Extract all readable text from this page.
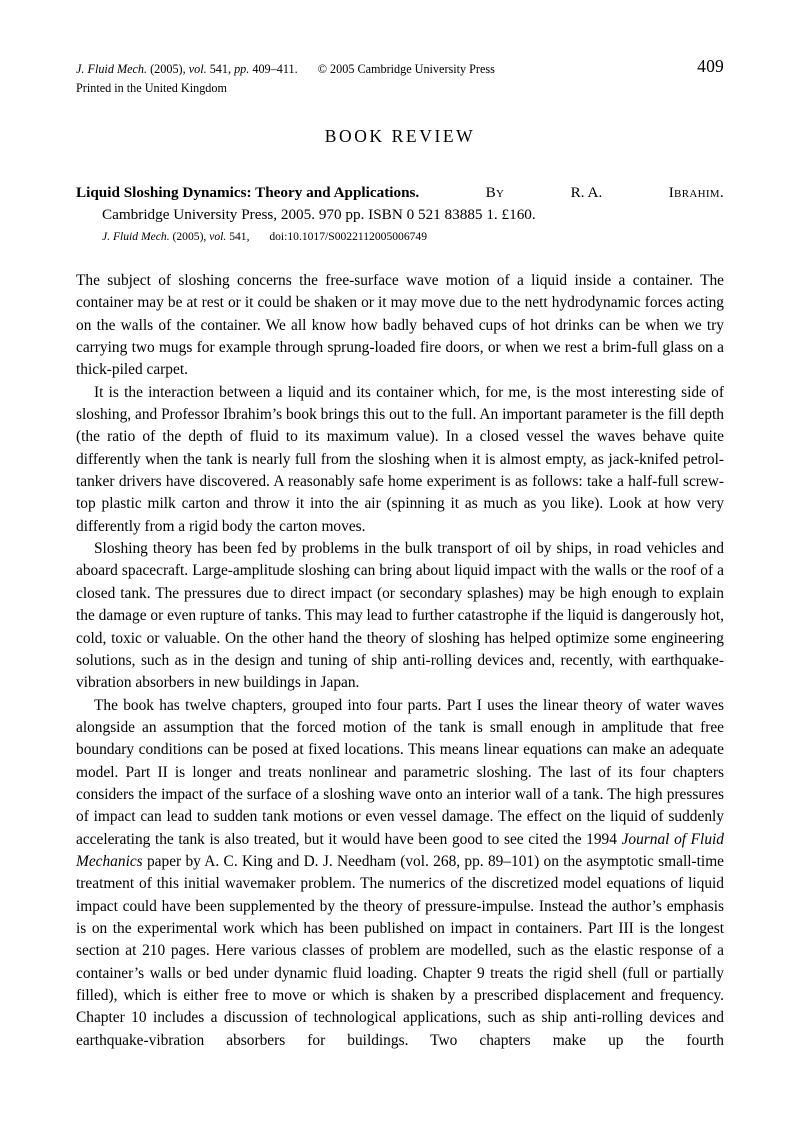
J. Fluid Mech. (2005), vol. 541, pp. 409–411. © 2005 Cambridge University Press	409
Printed in the United Kingdom
BOOK REVIEW
Liquid Sloshing Dynamics: Theory and Applications.	By	R. A.	Ibrahim.
Cambridge University Press, 2005. 970 pp. ISBN 0 521 83885 1. £160.
J. Fluid Mech. (2005), vol. 541, doi:10.1017/S0022112005006749

The subject of sloshing concerns the free-surface wave motion of a liquid inside a container. The container may be at rest or it could be shaken or it may move due to the nett hydrodynamic forces acting on the walls of the container. We all know how badly behaved cups of hot drinks can be when we try carrying two mugs for example through sprung-loaded fire doors, or when we rest a brim-full glass on a thick-piled carpet.

It is the interaction between a liquid and its container which, for me, is the most interesting side of sloshing, and Professor Ibrahim’s book brings this out to the full. An important parameter is the fill depth (the ratio of the depth of fluid to its maximum value). In a closed vessel the waves behave quite differently when the tank is nearly full from the sloshing when it is almost empty, as jack-knifed petrol-tanker drivers have discovered. A reasonably safe home experiment is as follows: take a half-full screw-top plastic milk carton and throw it into the air (spinning it as much as you like). Look at how very differently from a rigid body the carton moves.

Sloshing theory has been fed by problems in the bulk transport of oil by ships, in road vehicles and aboard spacecraft. Large-amplitude sloshing can bring about liquid impact with the walls or the roof of a closed tank. The pressures due to direct impact (or secondary splashes) may be high enough to explain the damage or even rupture of tanks. This may lead to further catastrophe if the liquid is dangerously hot, cold, toxic or valuable. On the other hand the theory of sloshing has helped optimize some engineering solutions, such as in the design and tuning of ship anti-rolling devices and, recently, with earthquake-vibration absorbers in new buildings in Japan.

The book has twelve chapters, grouped into four parts. Part I uses the linear theory of water waves alongside an assumption that the forced motion of the tank is small enough in amplitude that free boundary conditions can be posed at fixed locations. This means linear equations can make an adequate model. Part II is longer and treats nonlinear and parametric sloshing. The last of its four chapters considers the impact of the surface of a sloshing wave onto an interior wall of a tank. The high pressures of impact can lead to sudden tank motions or even vessel damage. The effect on the liquid of suddenly accelerating the tank is also treated, but it would have been good to see cited the 1994 Journal of Fluid Mechanics paper by A. C. King and D. J. Needham (vol. 268, pp. 89–101) on the asymptotic small-time treatment of this initial wavemaker problem. The numerics of the discretized model equations of liquid impact could have been supplemented by the theory of pressure-impulse. Instead the author’s emphasis is on the experimental work which has been published on impact in containers. Part III is the longest section at 210 pages. Here various classes of problem are modelled, such as the elastic response of a container’s walls or bed under dynamic fluid loading. Chapter 9 treats the rigid shell (full or partially filled), which is either free to move or which is shaken by a prescribed displacement and frequency. Chapter 10 includes a discussion of technological applications, such as ship anti-rolling devices and earthquake-vibration absorbers for buildings. Two chapters make up the fourth
